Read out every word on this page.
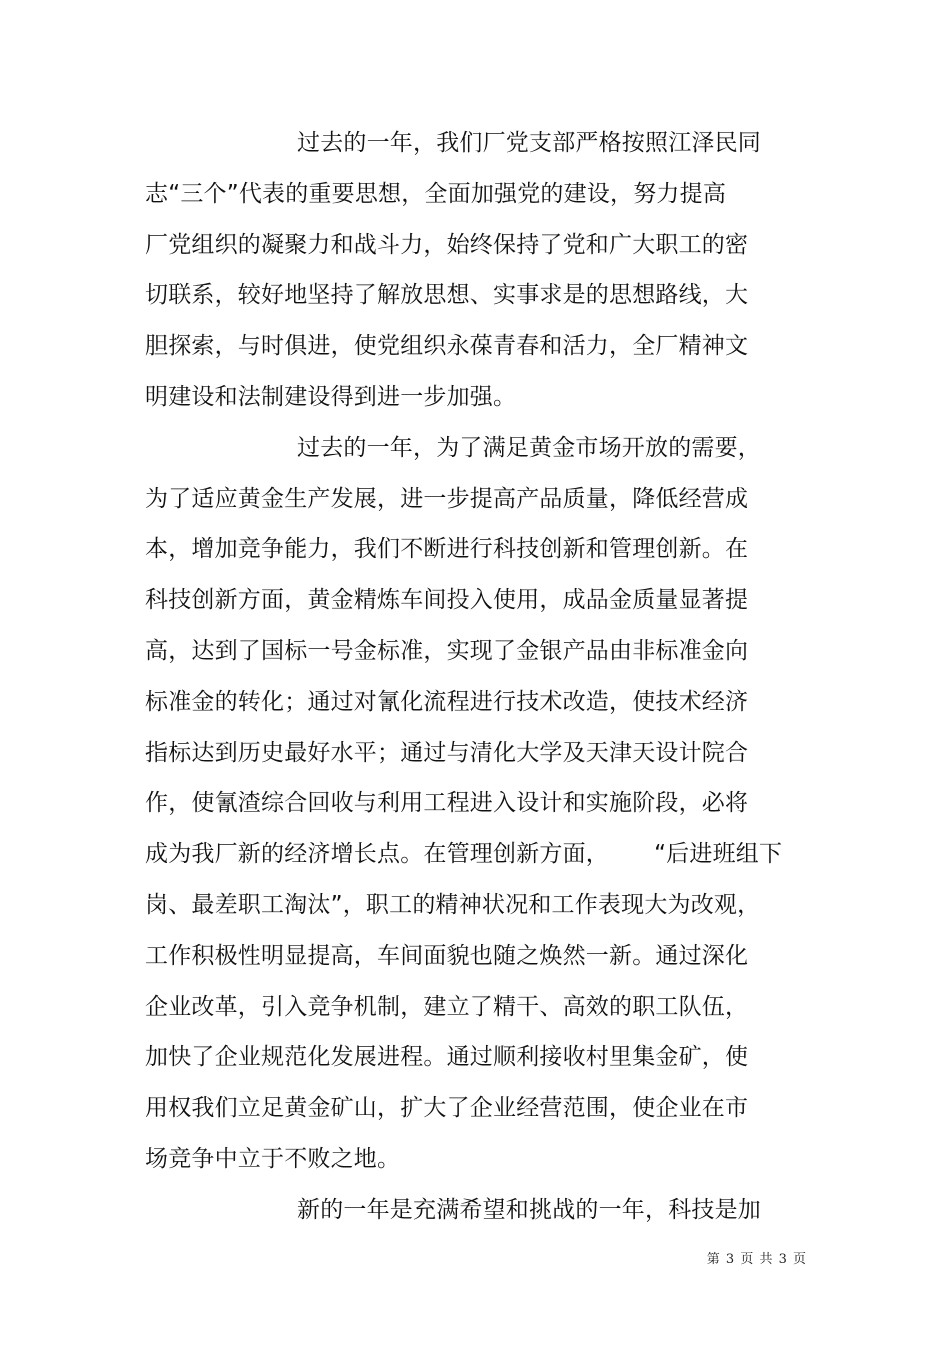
过去的一年，我们厂党支部严格按照江泽民同
志“三个”代表的重要思想，全面加强党的建设，努力提高
厂党组织的凝聚力和战斗力，始终保持了党和广大职工的密
切联系，较好地坚持了解放思想、实事求是的思想路线，大
胆探索，与时俱进，使党组织永葆青春和活力，全厂精神文
明建设和法制建设得到进一步加强。
过去的一年，为了满足黄金市场开放的需要，
为了适应黄金生产发展，进一步提高产品质量，降低经营成
本，增加竞争能力，我们不断进行科技创新和管理创新。在
科技创新方面，黄金精炼车间投入使用，成品金质量显著提
高，达到了国标一号金标准，实现了金银产品由非标准金向
标准金的转化；通过对氰化流程进行技术改造，使技术经济
指标达到历史最好水平；通过与清化大学及天津天设计院合
作，使氰渣综合回收与利用工程进入设计和实施阶段，必将
成为我厂新的经济增长点。在管理创新方面，      “后进班组下
岗、最差职工淘汰”，职工的精神状况和工作表现大为改观，
工作积极性明显提高，车间面貌也随之焕然一新。通过深化
企业改革，引入竞争机制，建立了精干、高效的职工队伍，
加快了企业规范化发展进程。通过顺利接收村里集金矿，使
用权我们立足黄金矿山，扩大了企业经营范围，使企业在市
场竞争中立于不败之地。
新的一年是充满希望和挑战的一年，科技是加
第 3 页 共 3 页
